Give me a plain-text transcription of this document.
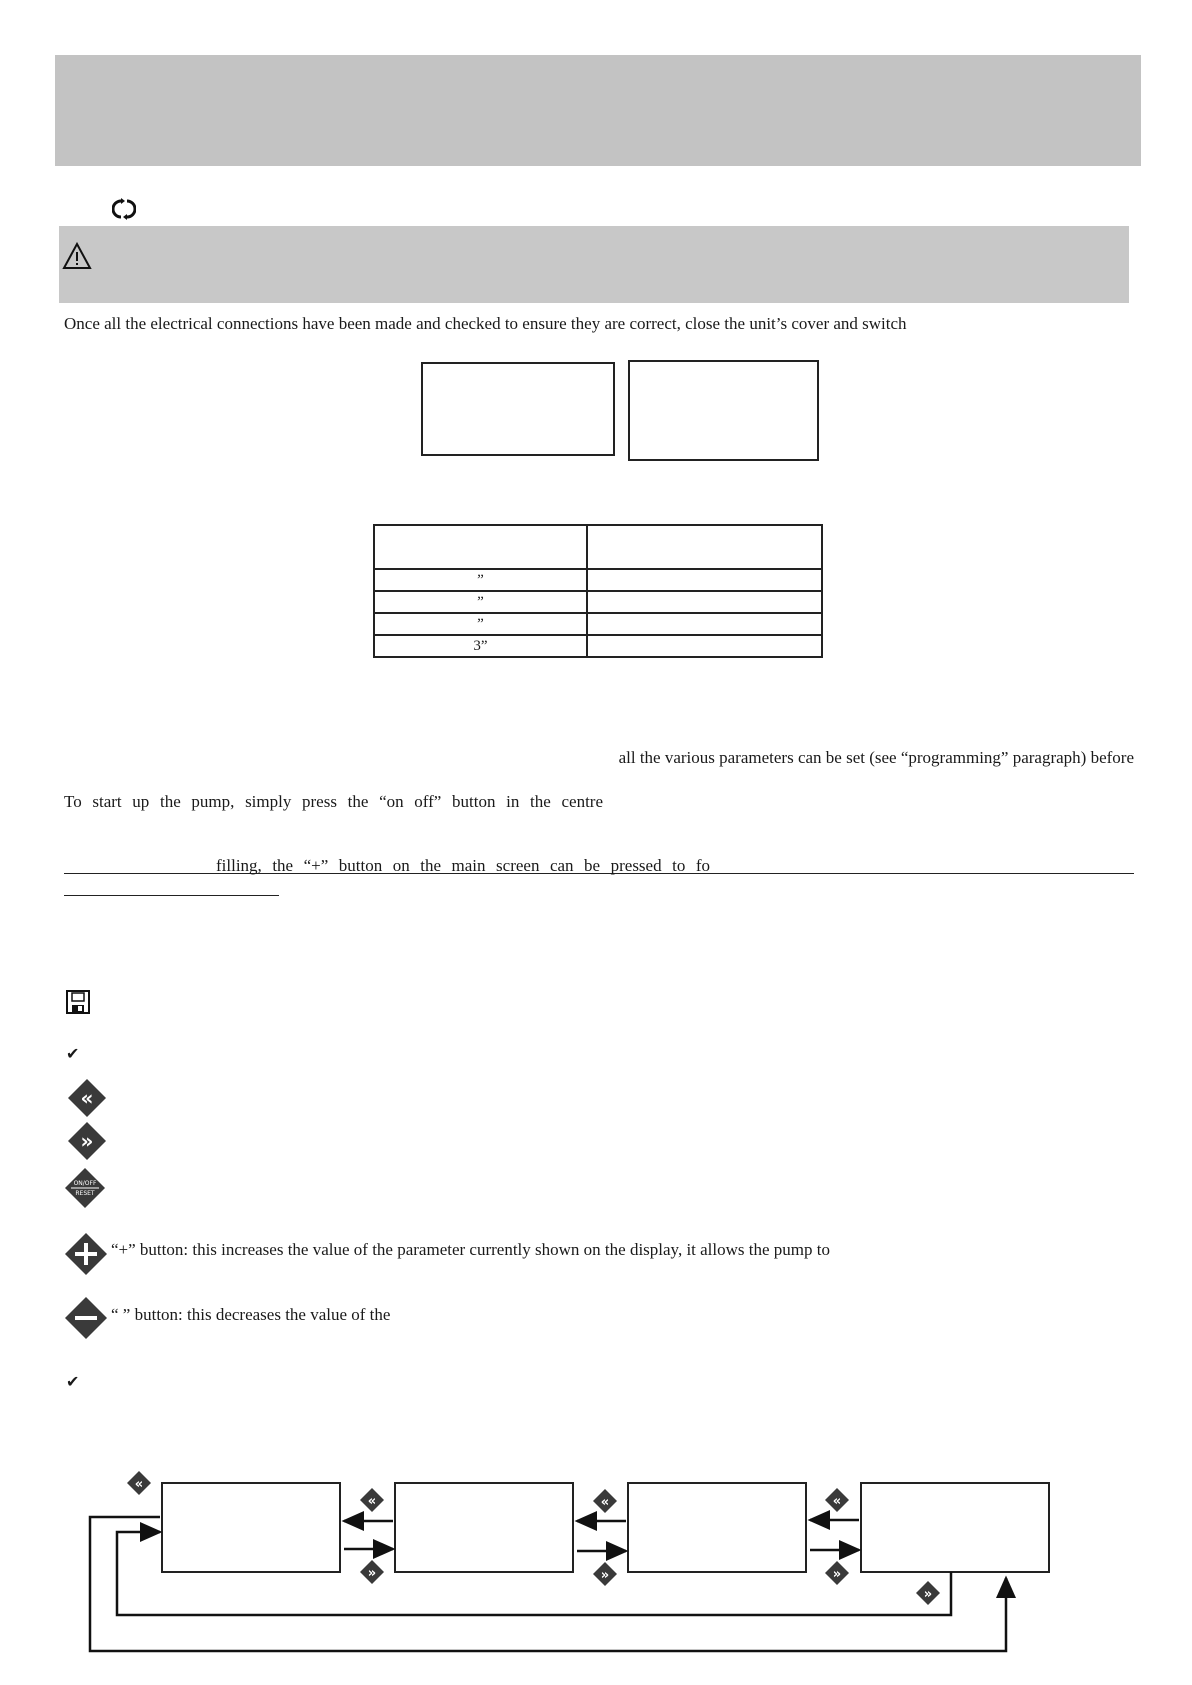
Once all the electrical connections have been made and checked to ensure they are correct, close the unit’s cover and switch

”	
”	
”	
3”	
all the various parameters can be set (see “programming” paragraph) before
To start up the pump, simply press the “on off” button in the centre
filling, the “+” button on the main screen can be pressed to fo
✔
✔
«
»
ON/OFF
RESET
“+” button: this increases the value of the parameter currently shown on the display, it allows the pump to
“ ” button: this decreases the value of the
«
«	«	«
»	»	»
»
